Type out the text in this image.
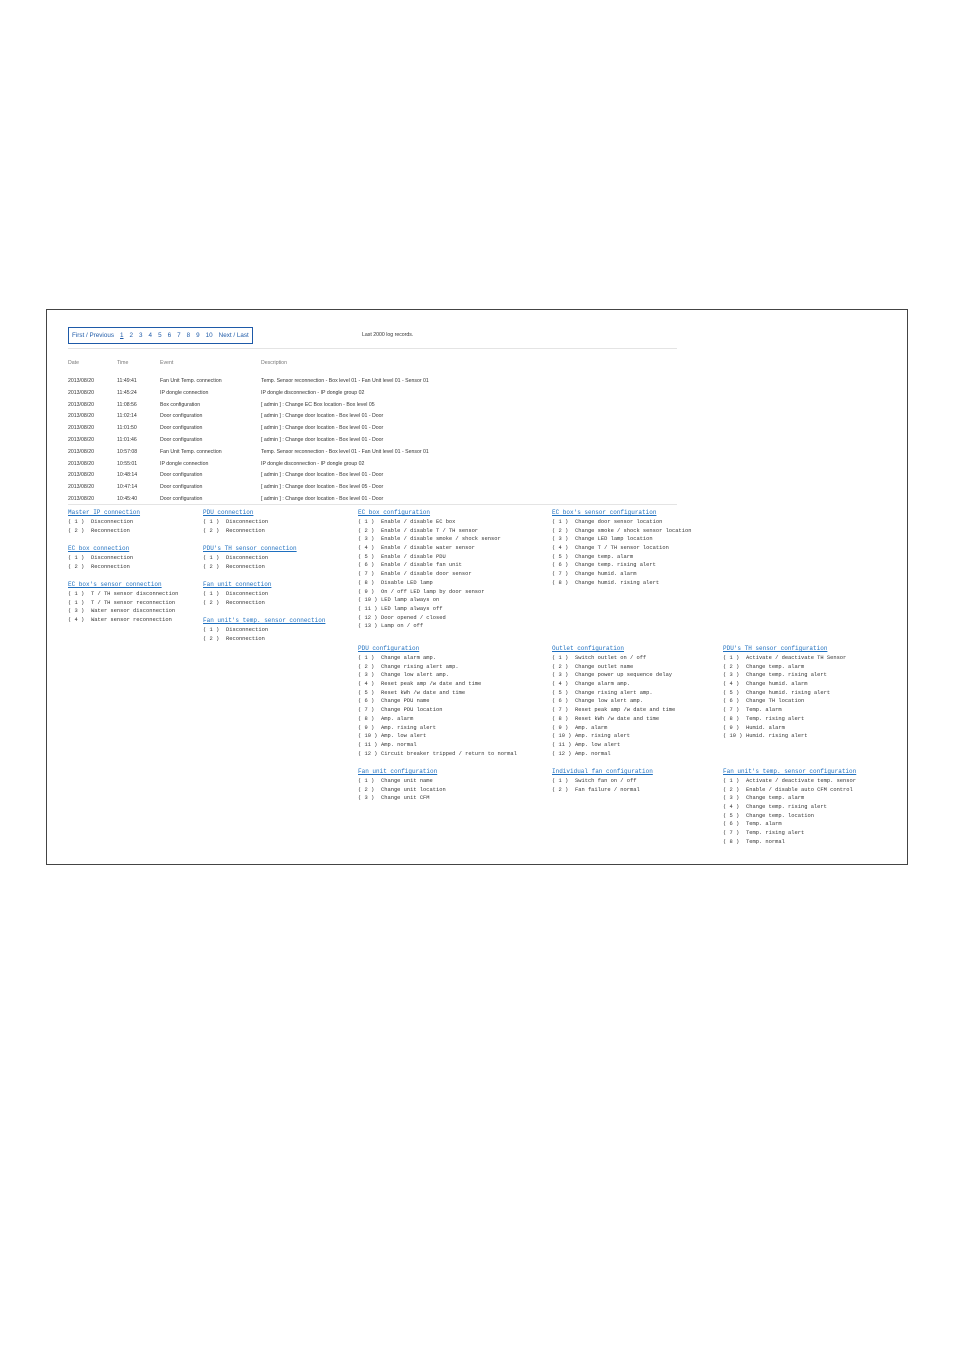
First / Previous 1 2 3 4 5 6 7 8 9 10 Next / Last	Last 2000 log records.
Date	Time	Event	Description
2013/08/20	11:49:41	Fan Unit Temp. connection	Temp. Sensor reconnection - Box level 01 - Fan Unit level 01 - Sensor 01
2013/08/20	11:45:24	IP dongle connection	IP dongle disconnection - IP dongle group 02
2013/08/20	11:08:56	Box configuration	[ admin ] : Change EC Box location - Box level 05
2013/08/20	11:02:14	Door configuration	[ admin ] : Change door location - Box level 01 - Door
2013/08/20	11:01:50	Door configuration	[ admin ] : Change door location - Box level 01 - Door
2013/08/20	11:01:46	Door configuration	[ admin ] : Change door location - Box level 01 - Door
2013/08/20	10:57:08	Fan Unit Temp. connection	Temp. Sensor reconnection - Box level 01 - Fan Unit level 01 - Sensor 01
2013/08/20	10:55:01	IP dongle connection	IP dongle disconnection - IP dongle group 02
2013/08/20	10:48:14	Door configuration	[ admin ] : Change door location - Box level 01 - Door
2013/08/20	10:47:14	Door configuration	[ admin ] : Change door location - Box level 05 - Door
2013/08/20	10:45:40	Door configuration	[ admin ] : Change door location - Box level 01 - Door
Master IP connection
( 1 ) Disconnection
( 2 ) Reconnection
EC box connection
( 1 ) Disconnection
( 2 ) Reconnection
EC box's sensor connection
( 1 ) T / TH sensor disconnection
( 1 ) T / TH sensor reconnection
( 3 ) Water sensor disconnection
( 4 ) Water sensor reconnection
PDU connection
( 1 ) Disconnection
( 2 ) Reconnection
PDU's TH sensor connection
( 1 ) Disconnection
( 2 ) Reconnection
Fan unit connection
( 1 ) Disconnection
( 2 ) Reconnection
Fan unit's temp. sensor connection
( 1 ) Disconnection
( 2 ) Reconnection
EC box configuration
( 1 ) Enable / disable EC box
( 2 ) Enable / disable T / TH sensor
( 3 ) Enable / disable smoke / shock sensor
( 4 ) Enable / disable water sensor
( 5 ) Enable / disable PDU
( 6 ) Enable / disable fan unit
( 7 ) Enable / disable door sensor
( 8 ) Disable LED lamp
( 9 ) On / off LED lamp by door sensor
( 10 ) LED lamp always on
( 11 ) LED lamp always off
( 12 ) Door opened / closed
( 13 ) Lamp on / off
PDU configuration
( 1 ) Change alarm amp.
( 2 ) Change rising alert amp.
( 3 ) Change low alert amp.
( 4 ) Reset peak amp /w date and time
( 5 ) Reset kWh /w date and time
( 6 ) Change PDU name
( 7 ) Change PDU location
( 8 ) Amp. alarm
( 9 ) Amp. rising alert
( 10 ) Amp. low alert
( 11 ) Amp. normal
( 12 ) Circuit breaker tripped / return to normal
Fan unit configuration
( 1 ) Change unit name
( 2 ) Change unit location
( 3 ) Change unit CFM
EC box's sensor configuration
( 1 ) Change door sensor location
( 2 ) Change smoke / shock sensor location
( 3 ) Change LED lamp location
( 4 ) Change T / TH sensor location
( 5 ) Change temp. alarm
( 6 ) Change temp. rising alert
( 7 ) Change humid. alarm
( 8 ) Change humid. rising alert
Outlet configuration
( 1 ) Switch outlet on / off
( 2 ) Change outlet name
( 3 ) Change power up sequence delay
( 4 ) Change alarm amp.
( 5 ) Change rising alert amp.
( 6 ) Change low alert amp.
( 7 ) Reset peak amp /w date and time
( 8 ) Reset kWh /w date and time
( 9 ) Amp. alarm
( 10 ) Amp. rising alert
( 11 ) Amp. low alert
( 12 ) Amp. normal
Individual fan configuration
( 1 ) Switch fan on / off
( 2 ) Fan failure / normal
PDU's TH sensor configuration
( 1 ) Activate / deactivate TH Sensor
( 2 ) Change temp. alarm
( 3 ) Change temp. rising alert
( 4 ) Change humid. alarm
( 5 ) Change humid. rising alert
( 6 ) Change TH location
( 7 ) Temp. alarm
( 8 ) Temp. rising alert
( 9 ) Humid. alarm
( 10 ) Humid. rising alert
Fan unit's temp. sensor configuration
( 1 ) Activate / deactivate temp. sensor
( 2 ) Enable / disable auto CFM control
( 3 ) Change temp. alarm
( 4 ) Change temp. rising alert
( 5 ) Change temp. location
( 6 ) Temp. alarm
( 7 ) Temp. rising alert
( 8 ) Temp. normal
